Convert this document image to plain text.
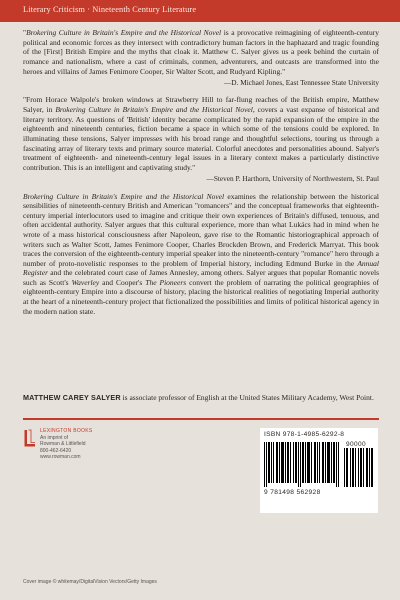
Literary Criticism · Nineteenth Century Literature

"Brokering Culture in Britain's Empire and the Historical Novel is a provocative reimagining of eighteenth-century political and economic forces as they intersect with contradictory human factors in the haphazard and tragic founding of the [First] British Empire and the myths that cloak it. Matthew C. Salyer gives us a peek behind the curtain of romance and nationalism, where a cast of criminals, conmen, adventurers, and outcasts are transformed into the heroes and villains of James Fenimore Cooper, Sir Walter Scott, and Rudyard Kipling."
—D. Michael Jones, East Tennessee State University

"From Horace Walpole's broken windows at Strawberry Hill to far-flung reaches of the British empire, Matthew Salyer, in Brokering Culture in Britain's Empire and the Historical Novel, covers a vast expanse of historical and literary territory. As questions of 'British' identity became complicated by the rapid expansion of the empire in the eighteenth and nineteenth centuries, fiction became a space in which some of the tensions could be explored. In illuminating these tensions, Salyer impresses with his broad range and thoughtful selections, touring us through a fascinating array of literary texts and primary source material. Colorful anecdotes and personalities abound. Salyer's treatment of eighteenth- and nineteenth-century legal issues in a literary context makes a particularly distinctive contribution. This is an intelligent and captivating study."
—Steven P. Harthorn, University of Northwestern, St. Paul

Brokering Culture in Britain's Empire and the Historical Novel examines the relationship between the historical sensibilities of nineteenth-century British and American "romancers" and the conceptual frameworks that eighteenth-century imperial interlocutors used to imagine and critique their own experiences of Britain's diffused, tenuous, and often accidental authority. Salyer argues that this cultural experience, more than what Lukács had in mind when he wrote of a mass historical consciousness after Napoleon, gave rise to the Romantic historiographical approach of writers such as Walter Scott, James Fenimore Cooper, Charles Brockden Brown, and Frederick Marryat. This book traces the conversion of the eighteenth-century imperial speaker into the nineteenth-century "romance" hero through a number of proto-novelistic responses to the problem of Imperial history, including Edmund Burke in the Annual Register and the celebrated court case of James Annesley, among others. Salyer argues that popular Romantic novels such as Scott's Waverley and Cooper's The Pioneers convert the problem of narrating the political geographies of eighteenth-century Empire into a discourse of history, placing the historical realities of negotiating Imperial authority at the heart of a nineteenth-century project that fictionalized the possibilities and limits of political historical agency in the modern nation state.

MATTHEW CAREY SALYER is associate professor of English at the United States Military Academy, West Point.
LEXINGTON BOOKS
An imprint of
Rowman & Littlefield
800-462-6420
www.rowman.com
ISBN 978-1-4985-6292-8
90000
9 781498 562928
Cover image © whitemay/DigitalVision Vectors/Getty Images
